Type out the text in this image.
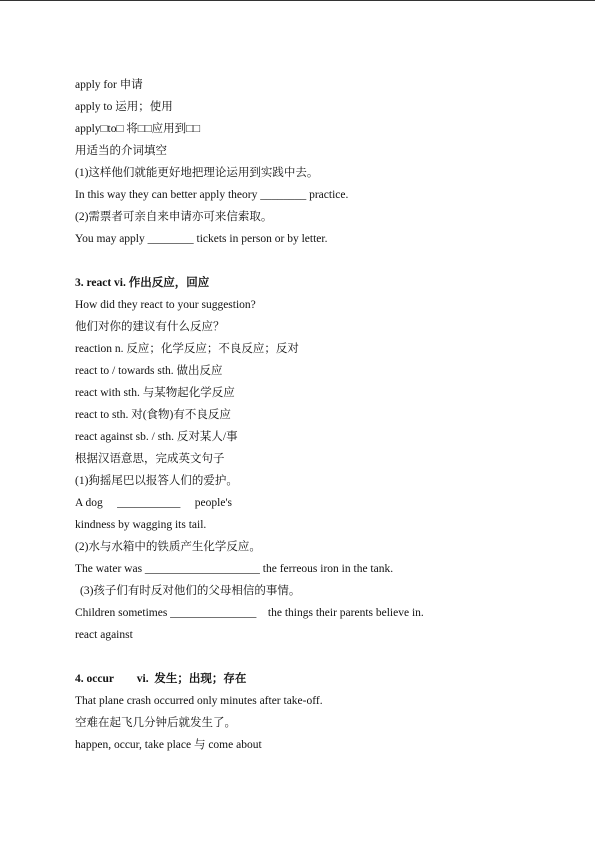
apply for 申请
apply to 运用；使用
apply□to□ 将□□应用到□□
用适当的介词填空
(1)这样他们就能更好地把理论运用到实践中去。
In this way they can better apply theory ________ practice.
(2)需票者可亲自来申请亦可来信索取。
You may apply ________ tickets in person or by letter.
3. react vi. 作出反应，回应
How did they react to your suggestion?
他们对你的建议有什么反应？
reaction n. 反应；化学反应；不良反应；反对
react to / towards sth. 做出反应
react with sth. 与某物起化学反应
react to sth. 对(食物)有不良反应
react against sb. / sth. 反对某人/事
根据汉语意思，完成英文句子
(1)狗摇尾巴以报答人们的爱护。
A dog     ___________     people's
kindness by wagging its tail.
(2)水与水箱中的铁质产生化学反应。
The water was ____________________ the ferreous iron in the tank.
(3)孩子们有时反对他们的父母相信的事情。
Children sometimes _______________    the things their parents believe in.
react against
4. occur        vi.  发生；出现；存在
That plane crash occurred only minutes after take-off.
空难在起飞几分钟后就发生了。
happen, occur, take place 与 come about
